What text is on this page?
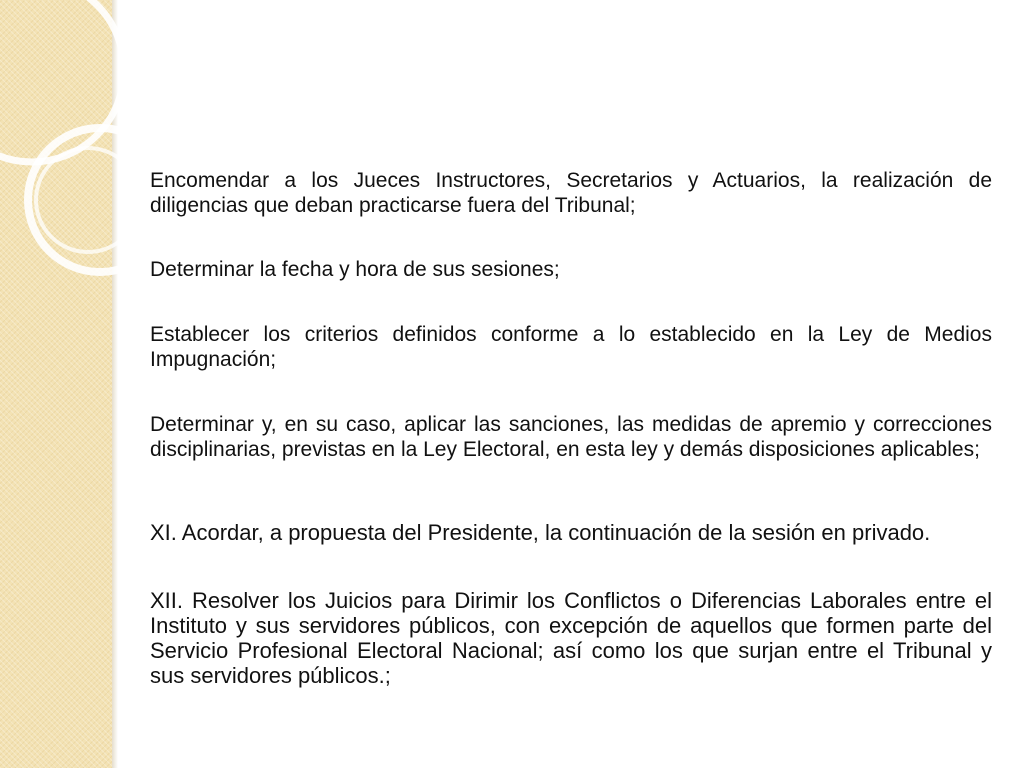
Encomendar a los Jueces Instructores, Secretarios y Actuarios, la realización de diligencias que deban practicarse fuera del Tribunal;

Determinar la fecha y hora de sus sesiones;

Establecer los criterios definidos conforme a lo establecido en la Ley de Medios Impugnación;

Determinar y, en su caso, aplicar las sanciones, las medidas de apremio y correcciones disciplinarias, previstas en la Ley Electoral, en esta ley y demás disposiciones aplicables;

XI. Acordar, a propuesta del Presidente, la continuación de la sesión en privado.

XII. Resolver los Juicios para Dirimir los Conflictos o Diferencias Laborales entre el Instituto y sus servidores públicos, con excepción de aquellos que formen parte del Servicio Profesional Electoral Nacional; así como los que surjan entre el Tribunal y sus servidores públicos.;
